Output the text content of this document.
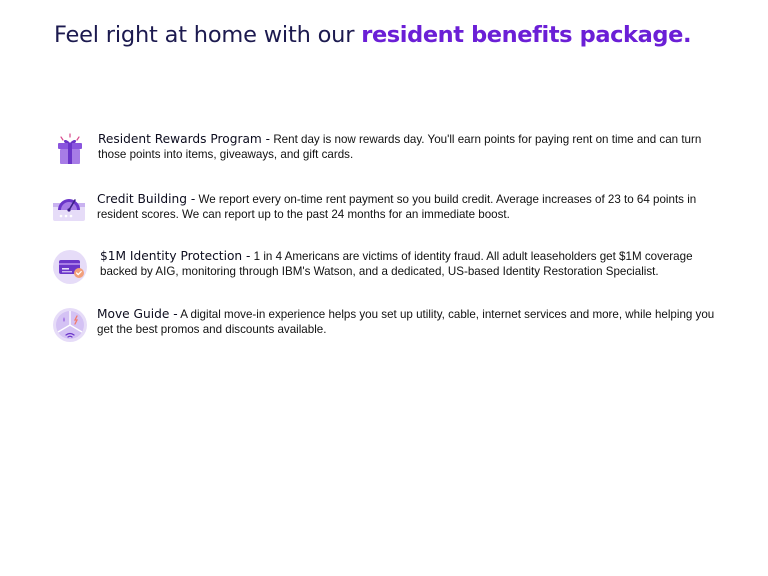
Feel right at home with our resident benefits package.
Resident Rewards Program - Rent day is now rewards day. You'll earn points for paying rent on time and can turn those points into items, giveaways, and gift cards.
Credit Building - We report every on-time rent payment so you build credit. Average increases of 23 to 64 points in resident scores. We can report up to the past 24 months for an immediate boost.
$1M Identity Protection - 1 in 4 Americans are victims of identity fraud. All adult leaseholders get $1M coverage backed by AIG, monitoring through IBM's Watson, and a dedicated, US-based Identity Restoration Specialist.
Move Guide - A digital move-in experience helps you set up utility, cable, internet services and more, while helping you get the best promos and discounts available.
